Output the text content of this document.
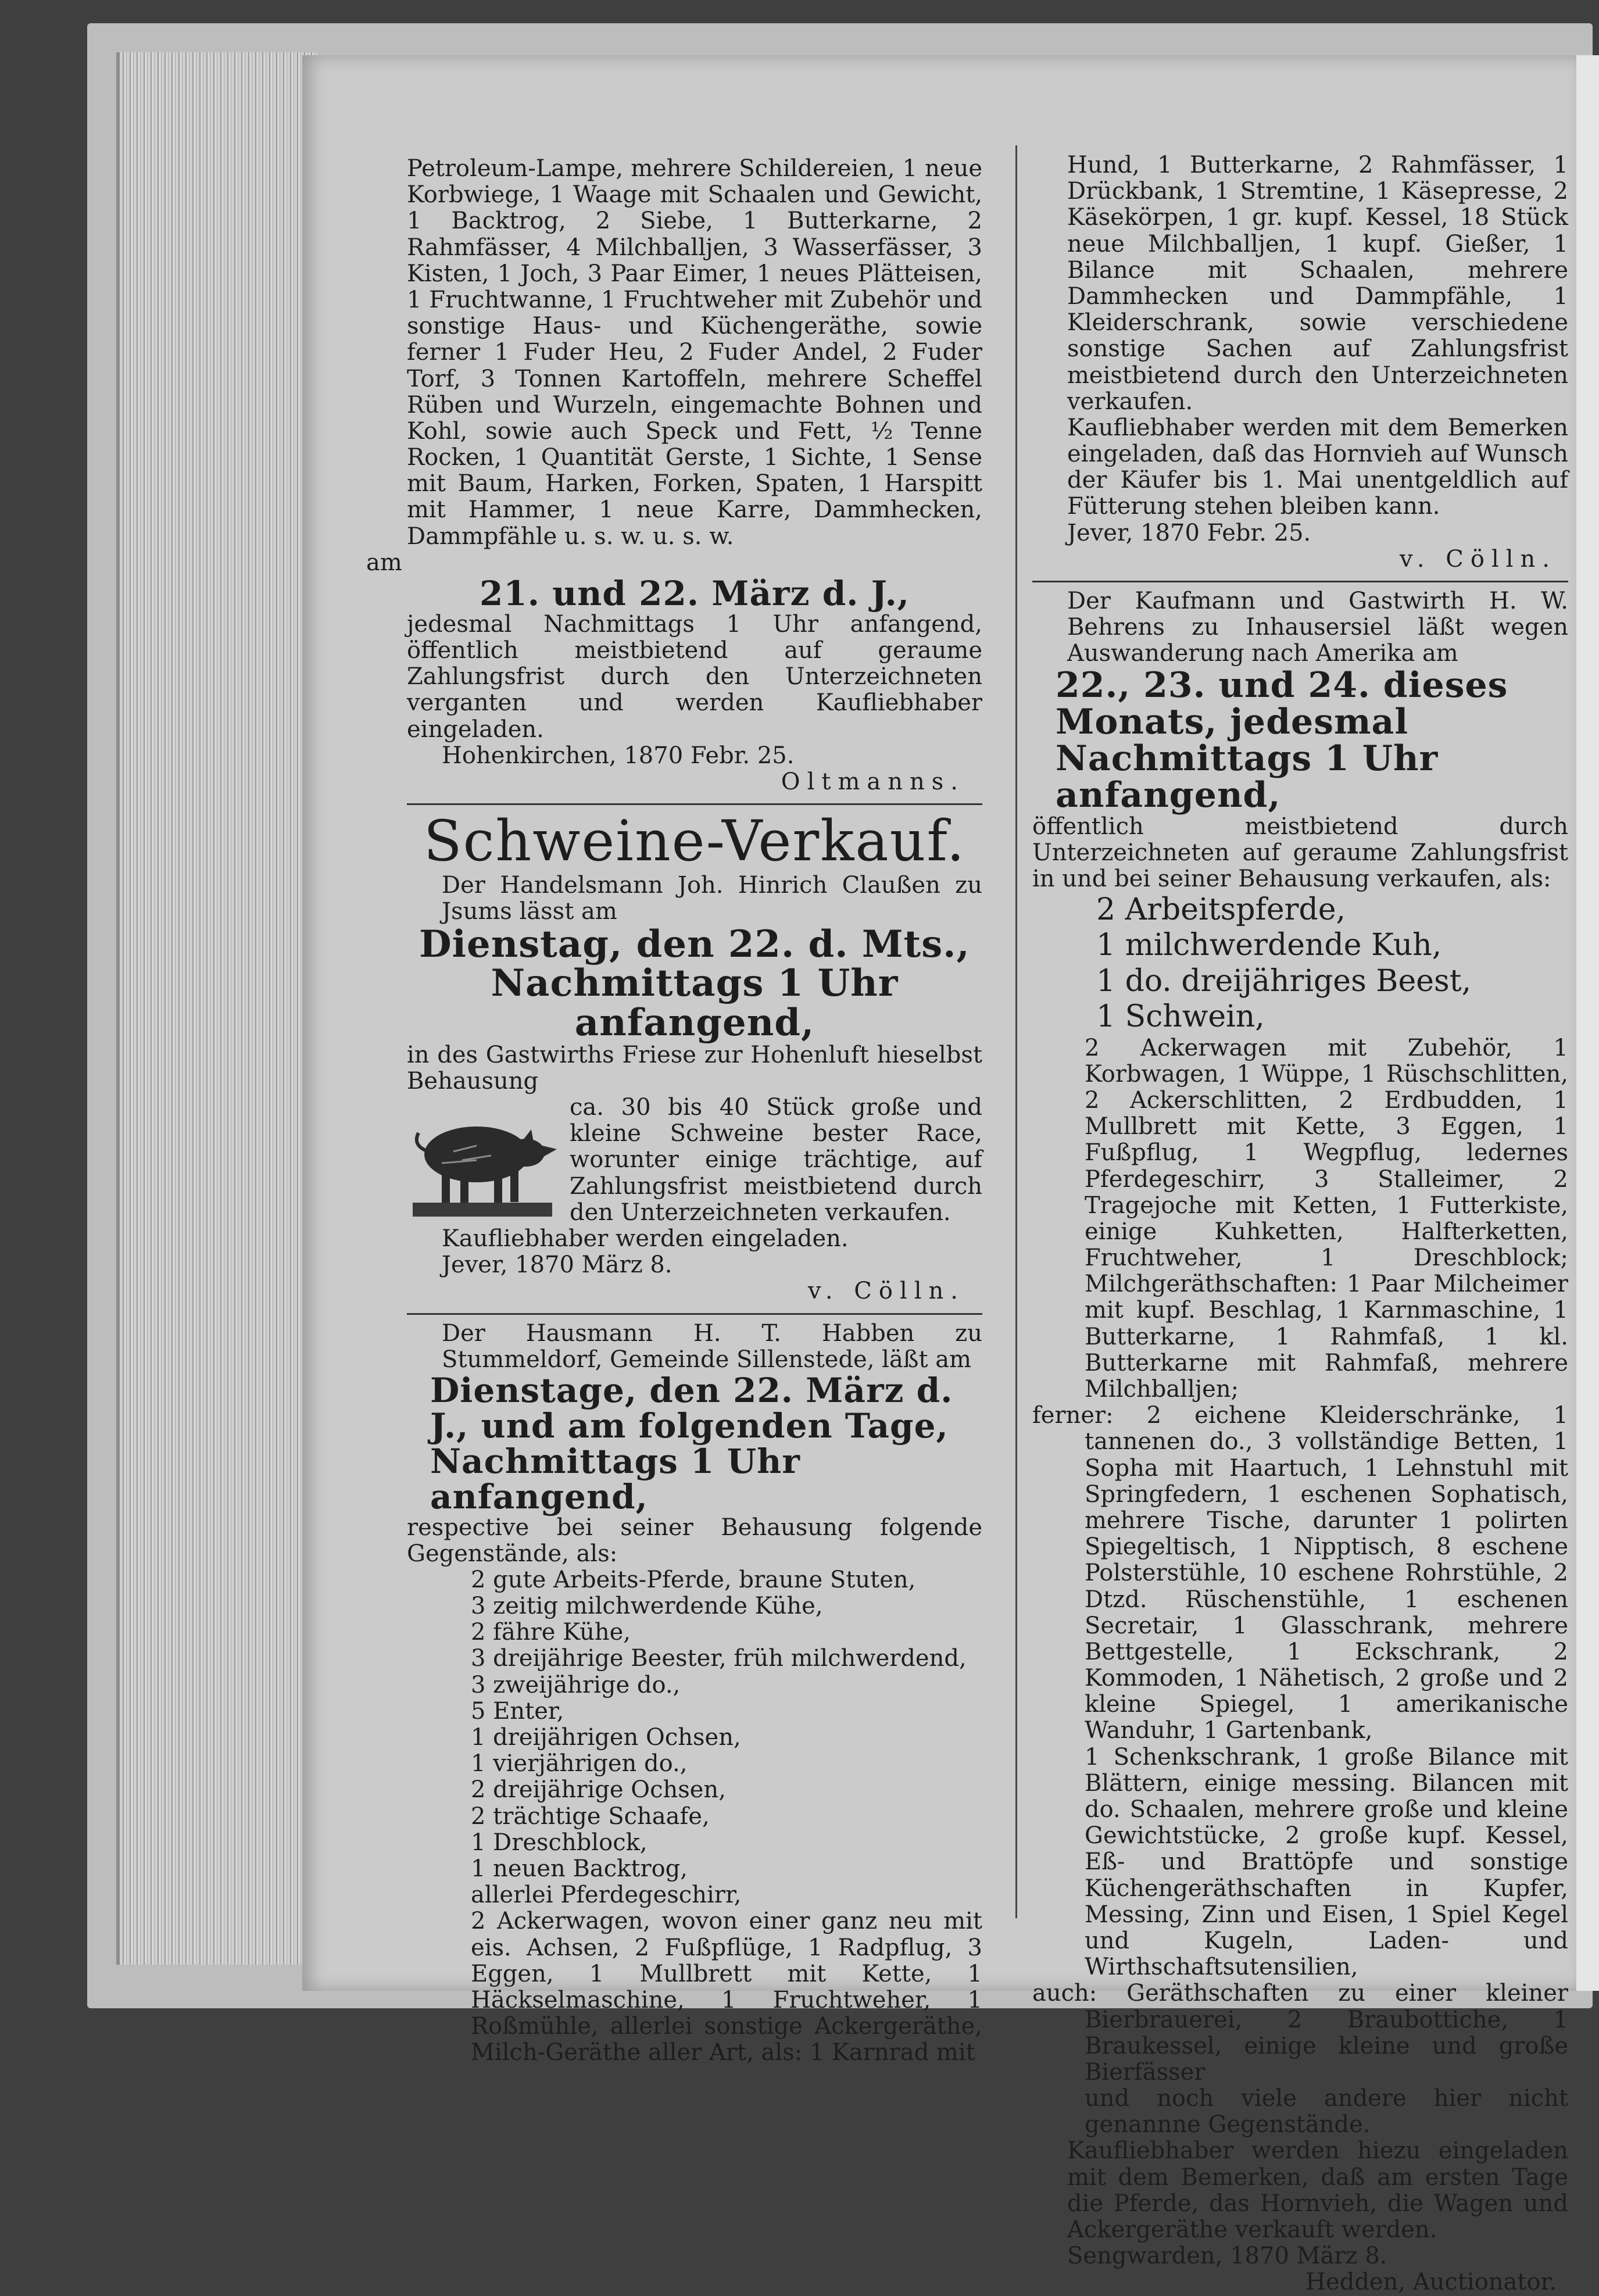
Petroleum-Lampe, mehrere Schildereien, 1 neue Korbwiege, 1 Waage mit Schaalen und Gewicht, 1 Backtrog, 2 Siebe, 1 Butterkarne, 2 Rahmfässer, 4 Milchballjen, 3 Wasserfässer, 3 Kisten, 1 Joch, 3 Paar Eimer, 1 neues Plätteisen, 1 Fruchtwanne, 1 Fruchtweher mit Zubehör und sonstige Haus- und Küchengeräthe, sowie ferner 1 Fuder Heu, 2 Fuder Andel, 2 Fuder Torf, 3 Tonnen Kartoffeln, mehrere Scheffel Rüben und Wurzeln, eingemachte Bohnen und Kohl, sowie auch Speck und Fett, ½ Tenne Rocken, 1 Quantität Gerste, 1 Sichte, 1 Sense mit Baum, Harken, Forken, Spaten, 1 Harspitt mit Hammer, 1 neue Karre, Dammhecken, Dammpfähle u. s. w. u. s. w.

am

21. und 22. März d. J.,

jedesmal Nachmittags 1 Uhr anfangend, öffentlich meistbietend auf geraume Zahlungsfrist durch den Unterzeichneten verganten und werden Kaufliebhaber eingeladen.

Hohenkirchen, 1870 Febr. 25.

Oltmanns.

Schweine-Verkauf.

Der Handelsmann Joh. Hinrich Claußen zu Jsums lässt am

Dienstag, den 22. d. Mts.,

Nachmittags 1 Uhr anfangend,

in des Gastwirths Friese zur Hohenluft hieselbst Behausung

ca. 30 bis 40 Stück große und kleine Schweine bester Race, worunter einige trächtige, auf Zahlungsfrist meistbietend durch den Unterzeichneten verkaufen.

Kaufliebhaber werden eingeladen.

Jever, 1870 März 8.

v. Cölln.

Der Hausmann H. T. Habben zu Stummeldorf, Gemeinde Sillenstede, läßt am

Dienstage, den 22. März d. J., und am folgenden Tage, Nachmittags 1 Uhr anfangend,

respective bei seiner Behausung folgende Gegenstände, als:

2 gute Arbeits-Pferde, braune Stuten,
3 zeitig milchwerdende Kühe,
2 fähre Kühe,
3 dreijährige Beester, früh milchwerdend,
3 zweijährige do.,
5 Enter,
1 dreijährigen Ochsen,
1 vierjährigen do.,
2 dreijährige Ochsen,
2 trächtige Schaafe,
1 Dreschblock,
1 neuen Backtrog,
allerlei Pferdegeschirr,

2 Ackerwagen, wovon einer ganz neu mit eis. Achsen, 2 Fußpflüge, 1 Radpflug, 3 Eggen, 1 Mullbrett mit Kette, 1 Häckselmaschine, 1 Fruchtweher, 1 Roßmühle, allerlei sonstige Ackergeräthe, Milch-Geräthe aller Art, als: 1 Karnrad mit

Hund, 1 Butterkarne, 2 Rahmfässer, 1 Drückbank, 1 Stremtine, 1 Käsepresse, 2 Käsekörpen, 1 gr. kupf. Kessel, 18 Stück neue Milchballjen, 1 kupf. Gießer, 1 Bilance mit Schaalen, mehrere Dammhecken und Dammpfähle, 1 Kleiderschrank, sowie verschiedene sonstige Sachen auf Zahlungsfrist meistbietend durch den Unterzeichneten verkaufen.

Kaufliebhaber werden mit dem Bemerken eingeladen, daß das Hornvieh auf Wunsch der Käufer bis 1. Mai unentgeldlich auf Fütterung stehen bleiben kann.

Jever, 1870 Febr. 25.

v. Cölln.

Der Kaufmann und Gastwirth H. W. Behrens zu Inhausersiel läßt wegen Auswanderung nach Amerika am

22., 23. und 24. dieses Monats, jedesmal Nachmittags 1 Uhr anfangend,

öffentlich meistbietend durch Unterzeichneten auf geraume Zahlungsfrist in und bei seiner Behausung verkaufen, als:

2 Arbeitspferde,
1 milchwerdende Kuh,
1 do. dreijähriges Beest,
1 Schwein,

2 Ackerwagen mit Zubehör, 1 Korbwagen, 1 Wüppe, 1 Rüschschlitten, 2 Ackerschlitten, 2 Erdbudden, 1 Mullbrett mit Kette, 3 Eggen, 1 Fußpflug, 1 Wegpflug, ledernes Pferdegeschirr, 3 Stalleimer, 2 Tragejoche mit Ketten, 1 Futterkiste, einige Kuhketten, Halfterketten, Fruchtweher, 1 Dreschblock; Milchgeräthschaften: 1 Paar Milcheimer mit kupf. Beschlag, 1 Karnmaschine, 1 Butterkarne, 1 Rahmfaß, 1 kl. Butterkarne mit Rahmfaß, mehrere Milchballjen;

ferner: 2 eichene Kleiderschränke, 1 tannenen do., 3 vollständige Betten, 1 Sopha mit Haartuch, 1 Lehnstuhl mit Springfedern, 1 eschenen Sophatisch, mehrere Tische, darunter 1 polirten Spiegeltisch, 1 Nipptisch, 8 eschene Polsterstühle, 10 eschene Rohrstühle, 2 Dtzd. Rüschenstühle, 1 eschenen Secretair, 1 Glasschrank, mehrere Bettgestelle, 1 Eckschrank, 2 Kommoden, 1 Nähetisch, 2 große und 2 kleine Spiegel, 1 amerikanische Wanduhr, 1 Gartenbank,

1 Schenkschrank, 1 große Bilance mit Blättern, einige messing. Bilancen mit do. Schaalen, mehrere große und kleine Gewichtstücke, 2 große kupf. Kessel, Eß- und Brattöpfe und sonstige Küchengeräthschaften in Kupfer, Messing, Zinn und Eisen, 1 Spiel Kegel und Kugeln, Laden- und Wirthschaftsutensilien,

auch: Geräthschaften zu einer kleiner Bierbrauerei, 2 Braubottiche, 1 Braukessel, einige kleine und große Bierfässer

und noch viele andere hier nicht genannne Gegenstände.

Kaufliebhaber werden hiezu eingeladen mit dem Bemerken, daß am ersten Tage die Pferde, das Hornvieh, die Wagen und Ackergeräthe verkauft werden.

Sengwarden, 1870 März 8.

Hedden, Auctionator.
